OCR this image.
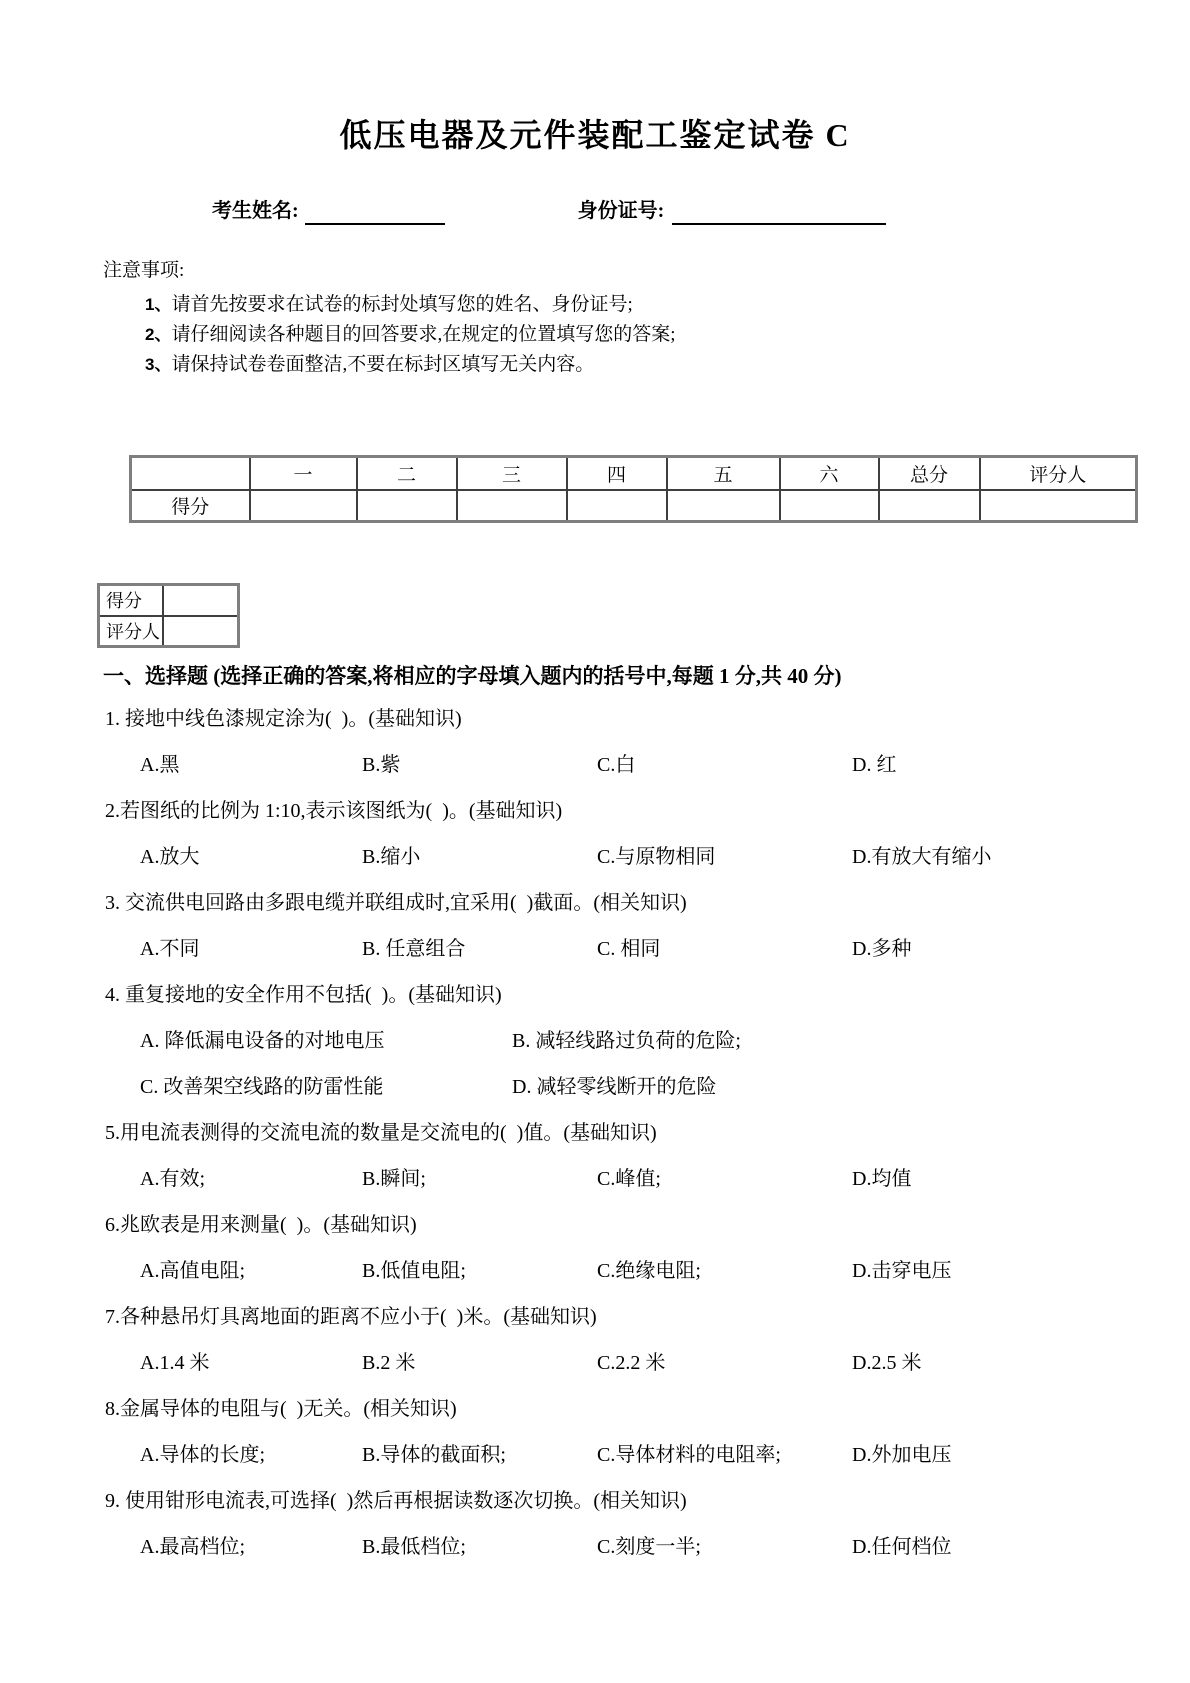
低压电器及元件装配工鉴定试卷 C
考生姓名:	身份证号:
注意事项:
1、请首先按要求在试卷的标封处填写您的姓名、身份证号;
2、请仔细阅读各种题目的回答要求,在规定的位置填写您的答案;
3、请保持试卷卷面整洁,不要在标封区填写无关内容。
	一	二	三	四	五	六	总分	评分人
得分								
得分	
评分人	
一、选择题 (选择正确的答案,将相应的字母填入题内的括号中,每题 1 分,共 40 分)
1. 接地中线色漆规定涂为(  )。(基础知识)
A.黑	B.紫	C.白	D. 红
2.若图纸的比例为 1:10,表示该图纸为(  )。(基础知识)
A.放大	B.缩小	C.与原物相同	D.有放大有缩小
3. 交流供电回路由多跟电缆并联组成时,宜采用(  )截面。(相关知识)
A.不同	B. 任意组合	C. 相同	D.多种
4. 重复接地的安全作用不包括(  )。(基础知识)
A. 降低漏电设备的对地电压	B. 减轻线路过负荷的危险;
C. 改善架空线路的防雷性能	D. 减轻零线断开的危险
5.用电流表测得的交流电流的数量是交流电的(  )值。(基础知识)
A.有效;	B.瞬间;	C.峰值;	D.均值
6.兆欧表是用来测量(  )。(基础知识)
A.高值电阻;	B.低值电阻;	C.绝缘电阻;	D.击穿电压
7.各种悬吊灯具离地面的距离不应小于(  )米。(基础知识)
A.1.4 米	B.2 米	C.2.2 米	D.2.5 米
8.金属导体的电阻与(  )无关。(相关知识)
A.导体的长度;	B.导体的截面积;	C.导体材料的电阻率;	D.外加电压
9. 使用钳形电流表,可选择(  )然后再根据读数逐次切换。(相关知识)
A.最高档位;	B.最低档位;	C.刻度一半;	D.任何档位
